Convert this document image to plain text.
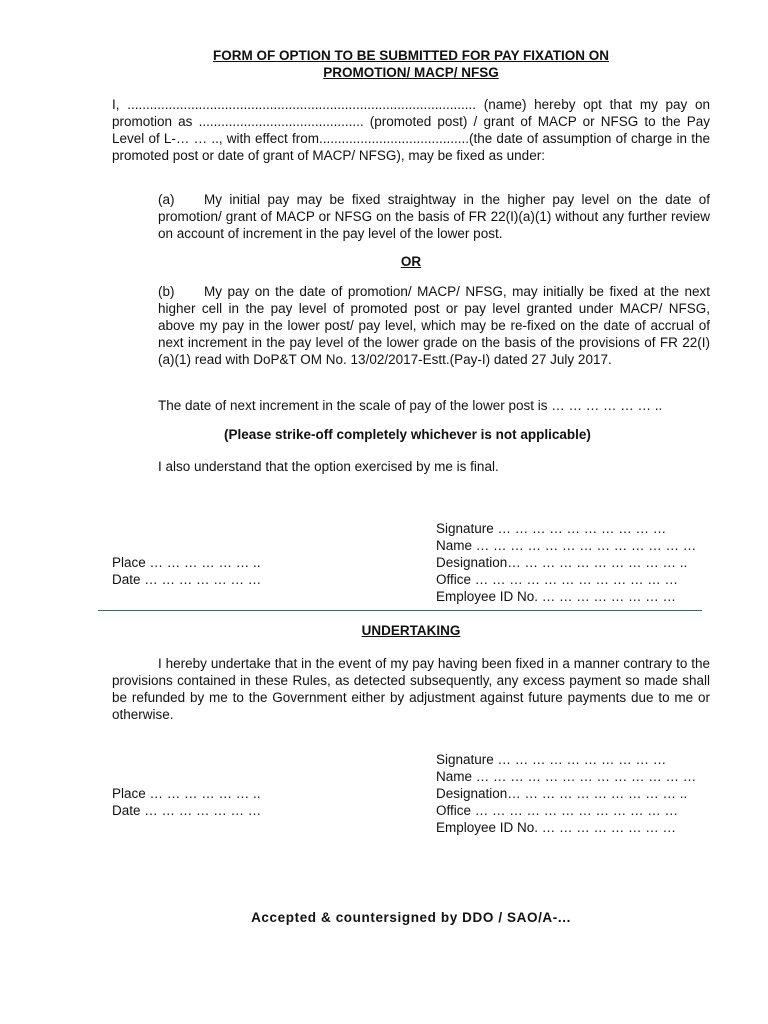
FORM OF OPTION TO BE SUBMITTED FOR PAY FIXATION ON
PROMOTION/ MACP/ NFSG
I, ............................................................................................. (name) hereby opt that my pay on promotion as ............................................ (promoted post) / grant of MACP or NFSG to the Pay Level of L-… … .., with effect from........................................(the date of assumption of charge in the promoted post or date of grant of MACP/ NFSG), may be fixed as under:
(a) My initial pay may be fixed straightway in the higher pay level on the date of promotion/ grant of MACP or NFSG on the basis of FR 22(I)(a)(1) without any further review on account of increment in the pay level of the lower post.
OR
(b) My pay on the date of promotion/ MACP/ NFSG, may initially be fixed at the next higher cell in the pay level of promoted post or pay level granted under MACP/ NFSG, above my pay in the lower post/ pay level, which may be re-fixed on the date of accrual of next increment in the pay level of the lower grade on the basis of the provisions of FR 22(I)(a)(1) read with DoP&T OM No. 13/02/2017-Estt.(Pay-I) dated 27 July 2017.
The date of next increment in the scale of pay of the lower post is … … … … … … ..
(Please strike-off completely whichever is not applicable)
I also understand that the option exercised by me is final.
Signature … … … … … … … … … …
Name … … … … … … … … … … … … …
Designation… … … … … … … … … … ..
Office … … … … … … … … … … … …
Employee ID No. … … … … … … … …
Place … … … … … … ..
Date … … … … … … …
UNDERTAKING
I hereby undertake that in the event of my pay having been fixed in a manner contrary to the provisions contained in these Rules, as detected subsequently, any excess payment so made shall be refunded by me to the Government either by adjustment against future payments due to me or otherwise.
Signature … … … … … … … … … …
Name … … … … … … … … … … … … …
Designation… … … … … … … … … … ..
Office … … … … … … … … … … … …
Employee ID No. … … … … … … … …
Place … … … … … … ..
Date … … … … … … …
Accepted & countersigned by DDO / SAO/A-...
